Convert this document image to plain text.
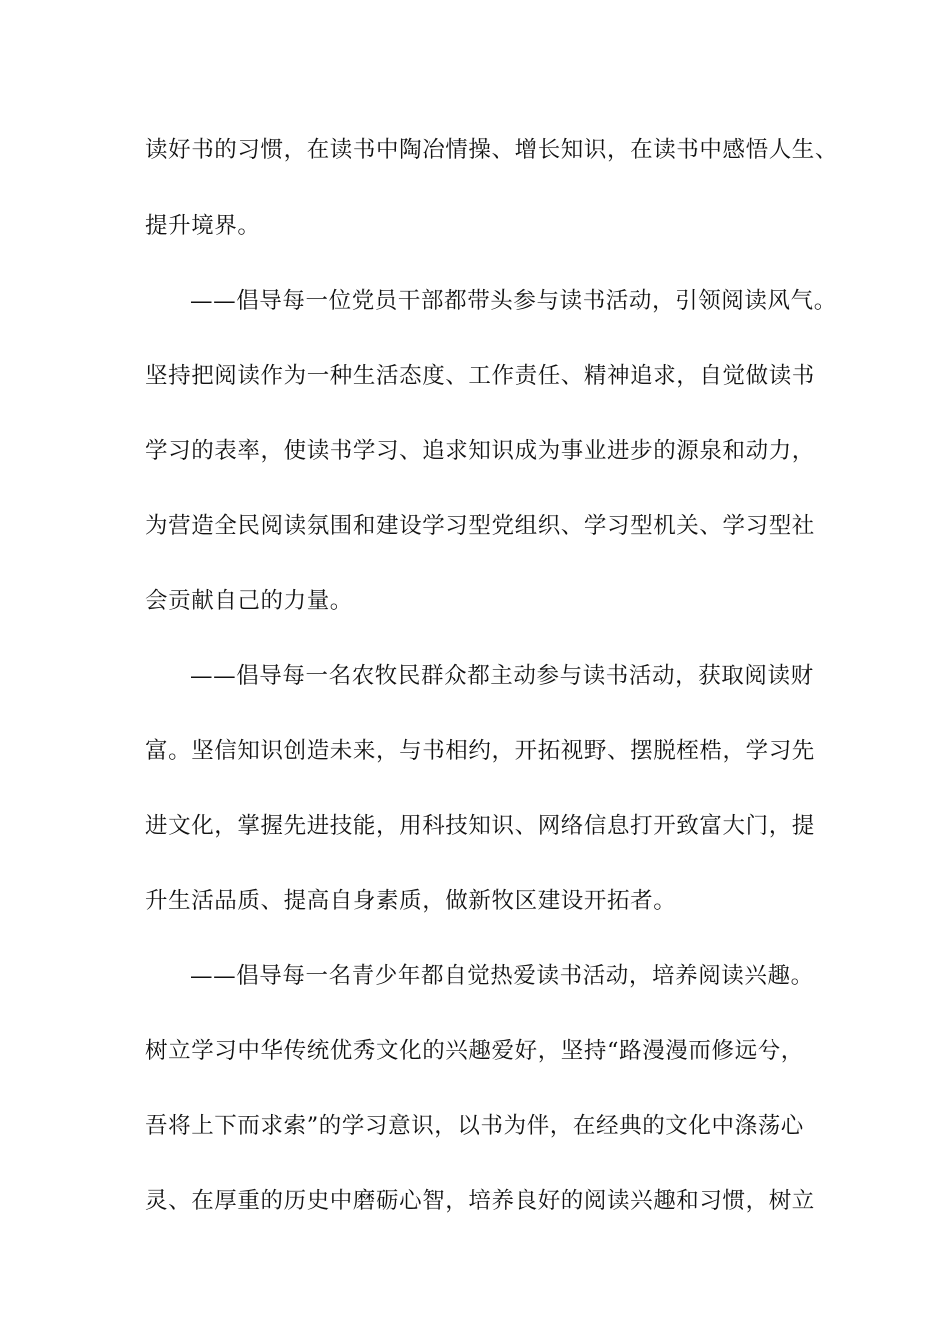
读好书的习惯，在读书中陶冶情操、增长知识，在读书中感悟人生、
提升境界。
——倡导每一位党员干部都带头参与读书活动，引领阅读风气。
坚持把阅读作为一种生活态度、工作责任、精神追求，自觉做读书
学习的表率，使读书学习、追求知识成为事业进步的源泉和动力，
为营造全民阅读氛围和建设学习型党组织、学习型机关、学习型社
会贡献自己的力量。
——倡导每一名农牧民群众都主动参与读书活动，获取阅读财
富。坚信知识创造未来，与书相约，开拓视野、摆脱桎梏，学习先
进文化，掌握先进技能，用科技知识、网络信息打开致富大门，提
升生活品质、提高自身素质，做新牧区建设开拓者。
——倡导每一名青少年都自觉热爱读书活动，培养阅读兴趣。
树立学习中华传统优秀文化的兴趣爱好，坚持“路漫漫而修远兮，
吾将上下而求索”的学习意识，以书为伴，在经典的文化中涤荡心
灵、在厚重的历史中磨砺心智，培养良好的阅读兴趣和习惯，树立
